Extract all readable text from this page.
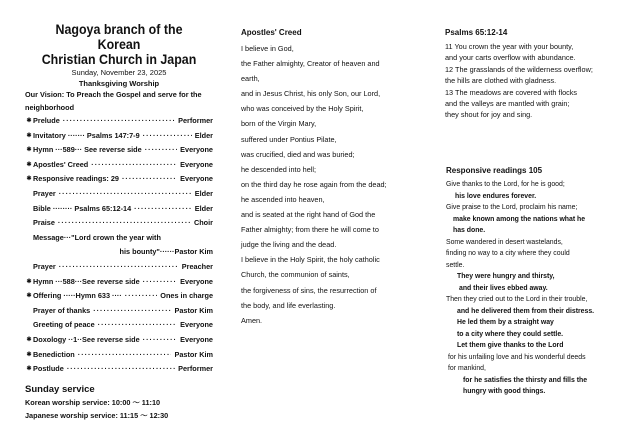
Nagoya branch of the Korean
Christian Church in Japan
Sunday, November 23, 2025
Thanksgiving Worship
Our Vision: To Preach the Gospel and serve for the neighborhood
✱ Prelude ·····	Performer
✱ Invitatory ······· Psalms 147:7-9 ·····	Elder
✱ Hymn ···589··· See reverse side ·····	Everyone
✱ Apostles' Creed ·····	Everyone
✱ Responsive readings: 29 ·····	Everyone
Prayer ·····	Elder
Bible ········ Psalms 65:12-14 ·····	Elder
Praise ·····	Choir
Message···"Lord crown the year with
his bounty"······Pastor Kim
Prayer ·····	Preacher
✱ Hymn ···588···See reverse side ·····	Everyone
✱ Offering ·····Hymn 633 ···· ·····	Ones in charge
Prayer of thanks ·····	Pastor Kim
Greeting of peace ·····	Everyone
✱ Doxology ··1··See reverse side ·····	Everyone
✱ Benediction ·····	Pastor Kim
✱ Postlude ·····	Performer
Sunday service
Korean worship service: 10:00 〜 11:10
Japanese worship service: 11:15 〜 12:30
Apostles' Creed
I believe in God,
the Father almighty, Creator of heaven and
earth,
and in Jesus Christ, his only Son, our Lord,
who was conceived by the Holy Spirit,
born of the Virgin Mary,
suffered under Pontius Pilate,
was crucified, died and was buried;
he descended into hell;
on the third day he rose again from the dead;
he ascended into heaven,
and is seated at the right hand of God the
Father almighty; from there he will come to
judge the living and the dead.
I believe in the Holy Spirit, the holy catholic
Church, the communion of saints,
the forgiveness of sins, the resurrection of
the body, and life everlasting.
Amen.
Psalms 65:12-14
11 You crown the year with your bounty,
and your carts overflow with abundance.
12 The grasslands of the wilderness overflow;
the hills are clothed with gladness.
13 The meadows are covered with flocks
and the valleys are mantled with grain;
they shout for joy and sing.
Responsive readings 105
Give thanks to the Lord, for he is good;
his love endures forever.
Give praise to the Lord, proclaim his name;
make known among the nations what he
has done.
Some wandered in desert wastelands,
finding no way to a city where they could
settle.
They were hungry and thirsty,
and their lives ebbed away.
Then they cried out to the Lord in their trouble,
and he delivered them from their distress.
He led them by a straight way
to a city where they could settle.
Let them give thanks to the Lord
for his unfailing love and his wonderful deeds
for mankind,
for he satisfies the thirsty and fills the
hungry with good things.
